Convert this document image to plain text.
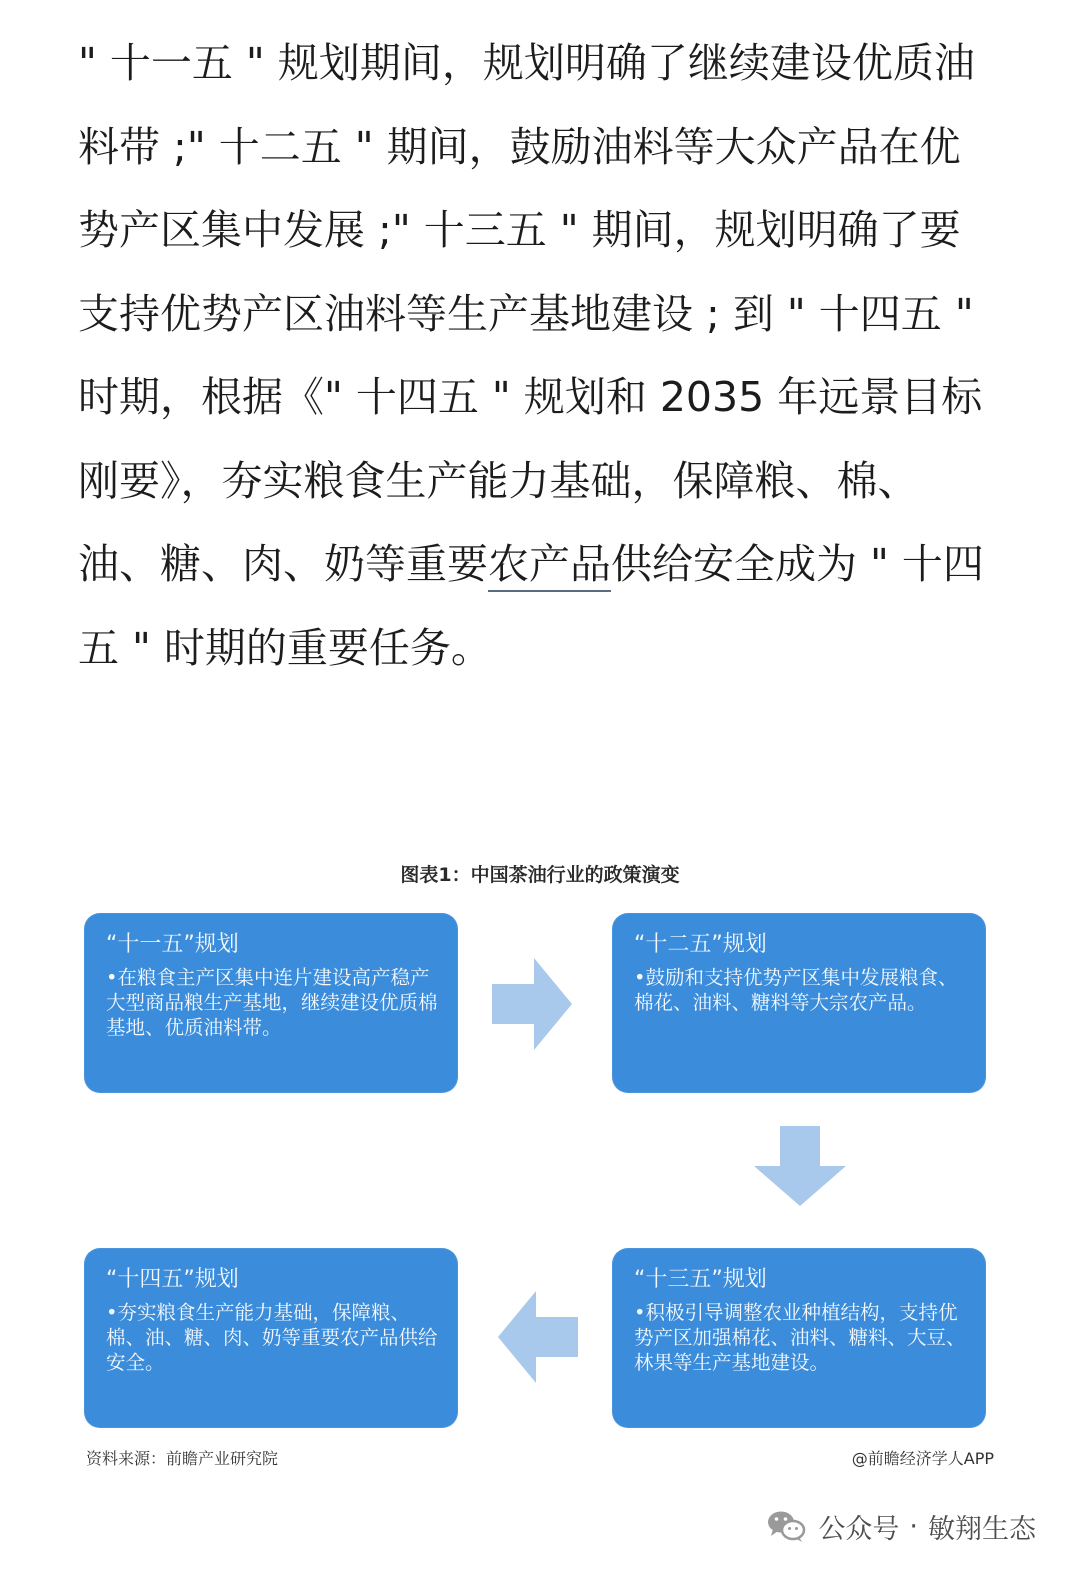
" 十一五 " 规划期间，规划明确了继续建设优质油料带 ;" 十二五 " 期间，鼓励油料等大众产品在优势产区集中发展 ;" 十三五 " 期间，规划明确了要支持优势产区油料等生产基地建设 ; 到 " 十四五 " 时期，根据《" 十四五 " 规划和 2035 年远景目标刚要》，夯实粮食生产能力基础，保障粮、棉、油、糖、肉、奶等重要农产品供给安全成为 " 十四五 " 时期的重要任务。

图表1：中国茶油行业的政策演变

“十一五”规划

•在粮食主产区集中连片建设高产稳产大型商品粮生产基地，继续建设优质棉基地、优质油料带。

“十二五”规划

•鼓励和支持优势产区集中发展粮食、棉花、油料、糖料等大宗农产品。

“十三五”规划

•积极引导调整农业种植结构，支持优势产区加强棉花、油料、糖料、大豆、林果等生产基地建设。

“十四五”规划

•夯实粮食生产能力基础，保障粮、棉、油、糖、肉、奶等重要农产品供给安全。

资料来源：前瞻产业研究院	@前瞻经济学人APP

公众号 · 敏翔生态
